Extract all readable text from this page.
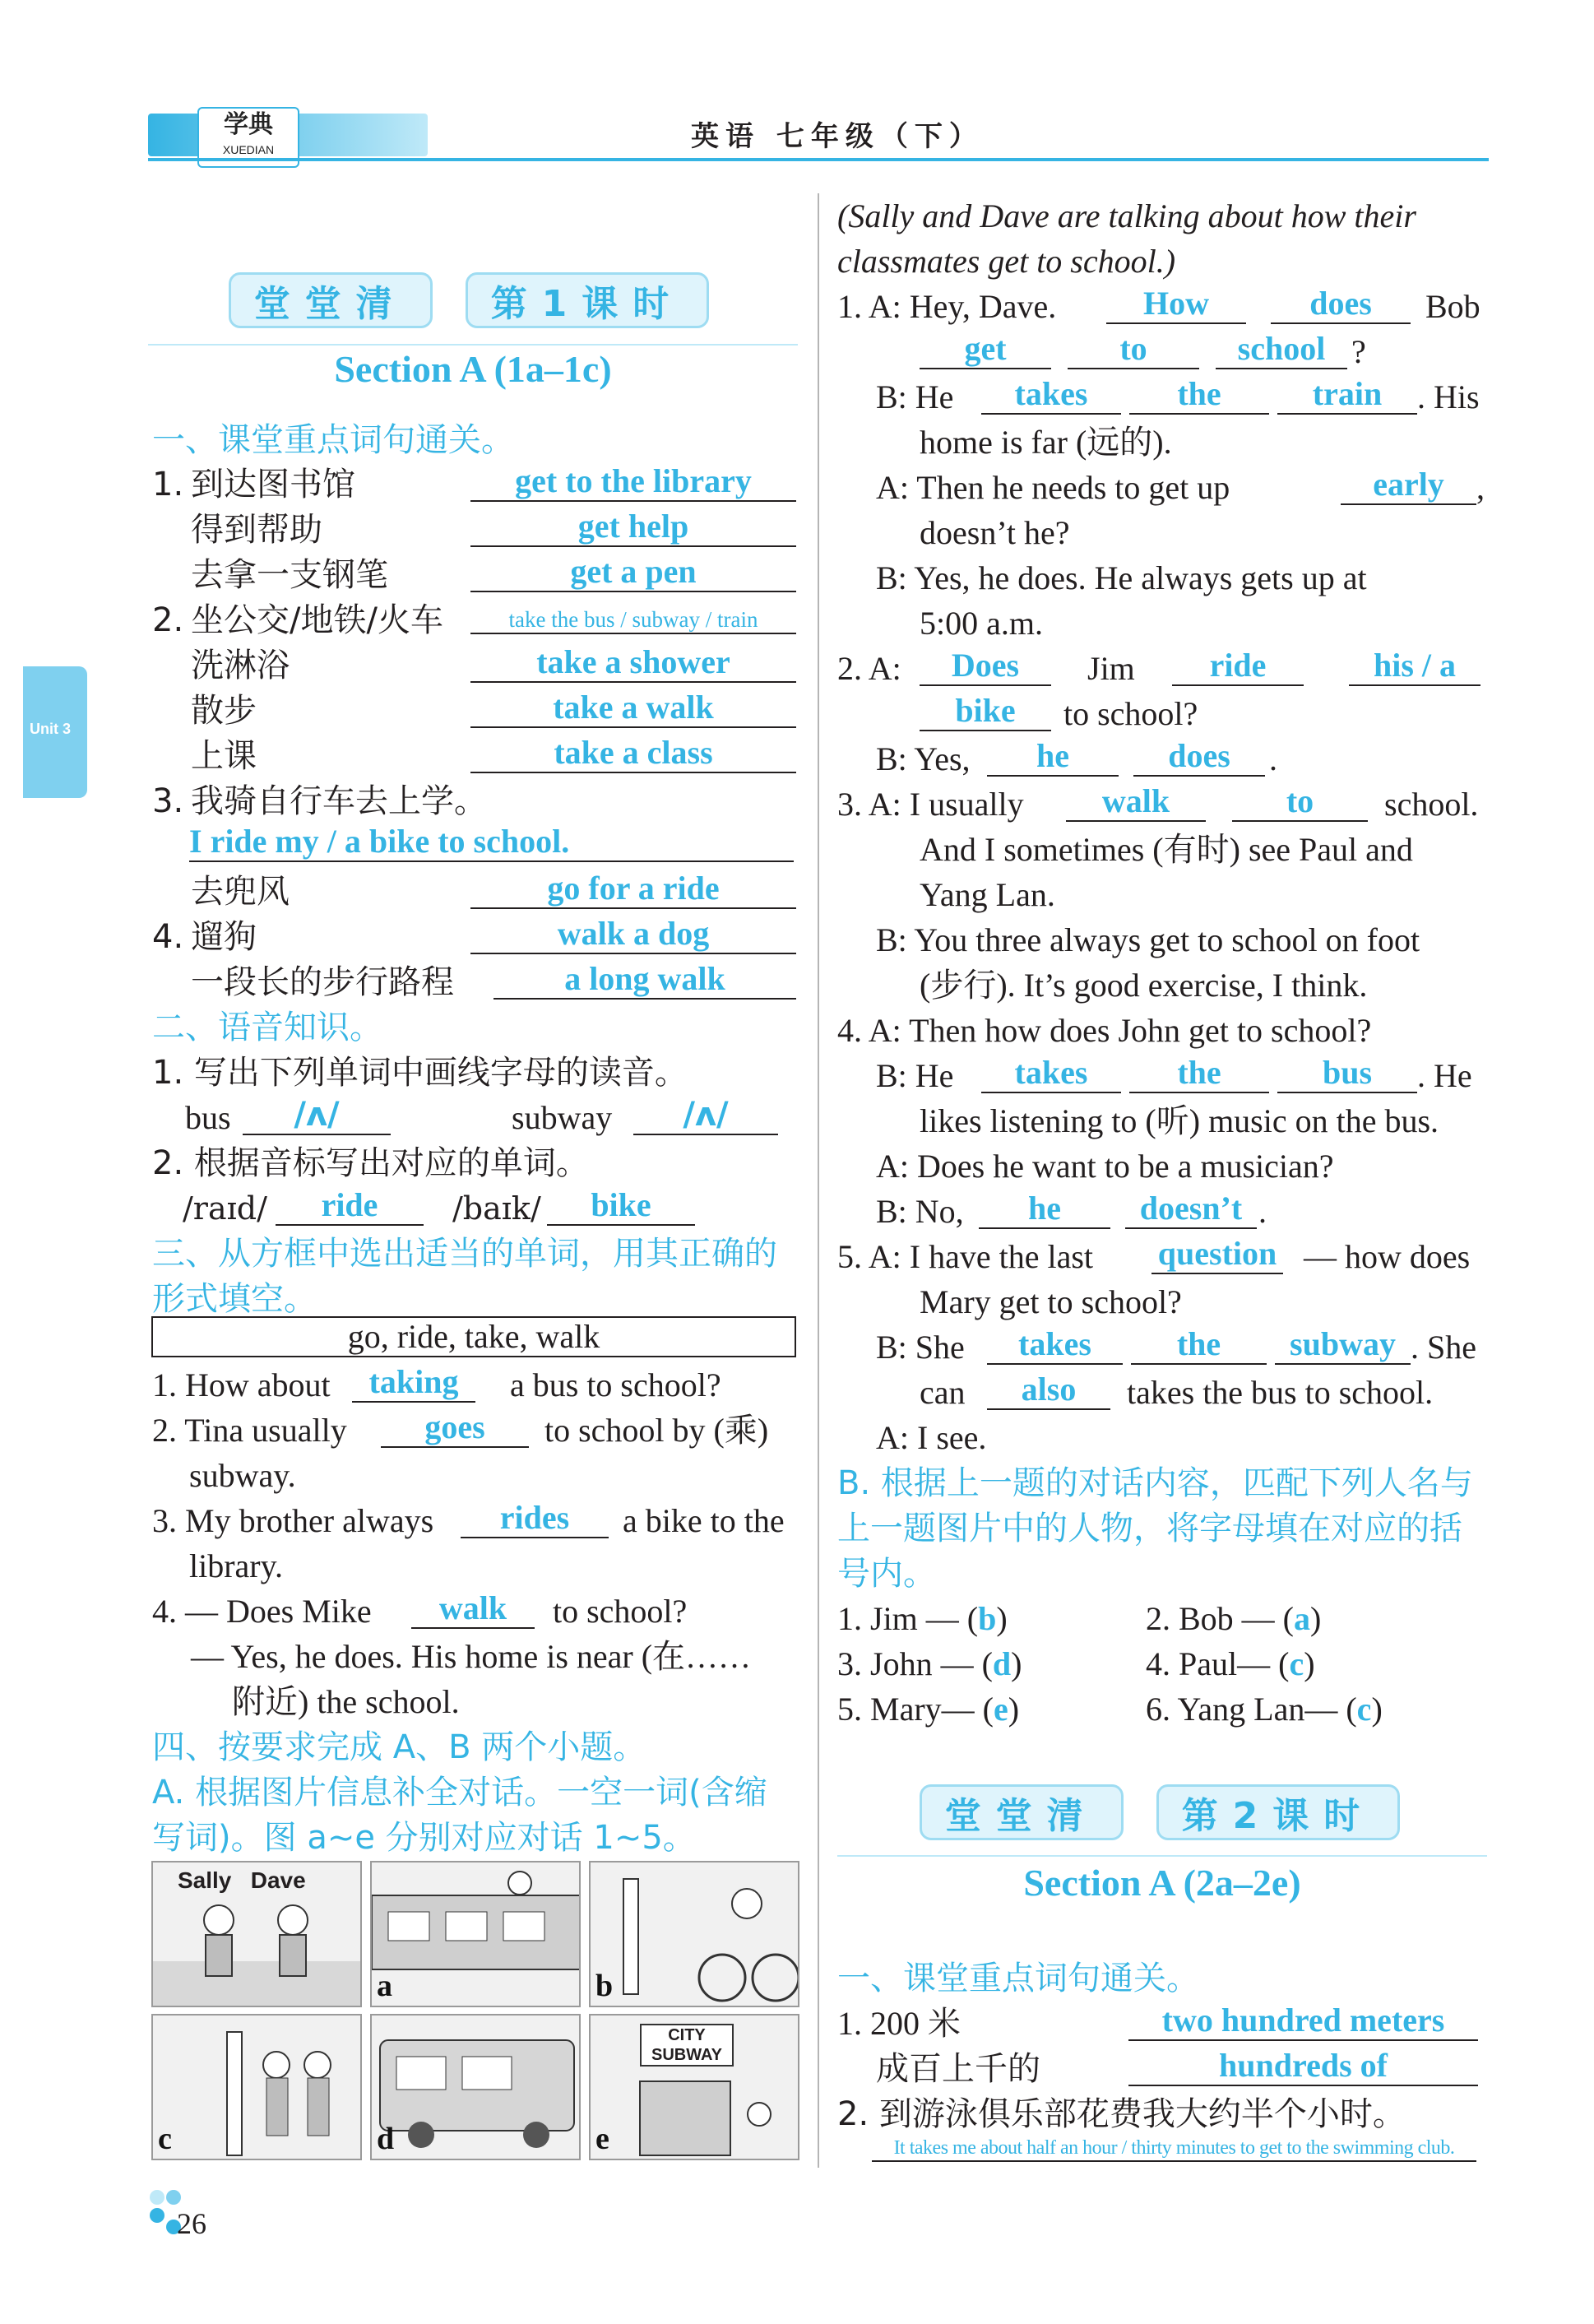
学典
XUEDIAN	英语 七年级（下）
Unit 3
堂堂清	第1课时
Section A (1a–1c)
一、课堂重点词句通关。
1. 到达图书馆	get to the library
得到帮助	get help
去拿一支钢笔	get a pen
2. 坐公交/地铁/火车	take the bus / subway / train
洗淋浴	take a shower
散步	take a walk
上课	take a class
3. 我骑自行车去上学。
I ride my / a bike to school.
去兜风	go for a ride
4. 遛狗	walk a dog
一段长的步行路程	a long walk
二、语音知识。
1. 写出下列单词中画线字母的读音。
bus	/ʌ/	subway	/ʌ/
2. 根据音标写出对应的单词。
/raɪd/	ride	/baɪk/	bike
三、从方框中选出适当的单词，用其正确的
形式填空。
go, ride, take, walk
1. How about	taking	a bus to school?
2. Tina usually	goes	to school by (乘)
subway.
3. My brother always	rides	a bike to the
library.
4. — Does Mike	walk	to school?
— Yes, he does. His home is near (在……
附近) the school.
四、按要求完成 A、B 两个小题。
A. 根据图片信息补全对话。一空一词(含缩
写词)。图 a~e 分别对应对话 1~5。
Sally   Dave
a	b
c	d
CITY SUBWAY
e
26
(Sally and Dave are talking about how their
classmates get to school.)
1. A: Hey, Dave.	How	does	Bob
get	to	school ?
B: He	takes	the	train	. His
home is far (远的).
A: Then he needs to get up	early ,
doesn’t he?
B: Yes, he does. He always gets up at
5:00 a.m.
2. A:	Does	Jim	ride	his / a
bike	to school?
B: Yes,	he	does	.
3. A: I usually	walk	to	school.
And I sometimes (有时) see Paul and
Yang Lan.
B: You three always get to school on foot
(步行). It’s good exercise, I think.
4. A: Then how does John get to school?
B: He	takes	the	bus	. He
likes listening to (听) music on the bus.
A: Does he want to be a musician?
B: No,	he	doesn’t .
5. A: I have the last question — how does
Mary get to school?
B: She	takes	the	subway . She
can	also	takes the bus to school.
A: I see.
B. 根据上一题的对话内容，匹配下列人名与
上一题图片中的人物，将字母填在对应的括
号内。
1. Jim — (b)	2. Bob — (a)
3. John — (d)	4. Paul— (c)
5. Mary— (e)	6. Yang Lan— (c)
堂堂清	第2课时
Section A (2a–2e)
一、课堂重点词句通关。
1. 200 米	two hundred meters
成百上千的	hundreds of
2. 到游泳俱乐部花费我大约半个小时。
It takes me about half an hour / thirty minutes to get to the swimming club.
